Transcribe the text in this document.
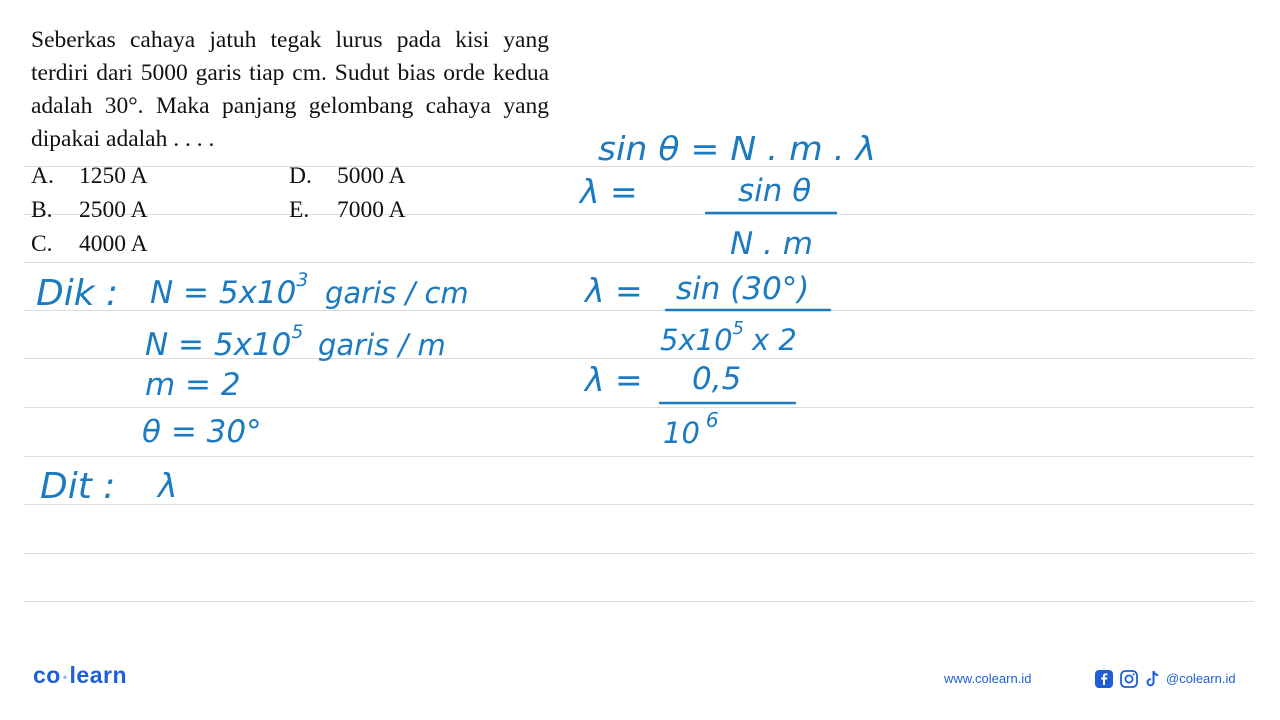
Seberkas cahaya jatuh tegak lurus pada kisi yang terdiri dari 5000 garis tiap cm. Sudut bias orde kedua adalah 30°. Maka panjang gelombang cahaya yang dipakai adalah . . . .
A. 1250 A	D. 5000 A
B. 2500 A	E. 7000 A
C. 4000 A
Dik : $N = 5x10^3$ garis / cm
$N = 5x10^5$ garis / m
m = 2
θ = 30°
Dit : λ
sin θ = N . m . λ
λ =	sin θ
N . m
λ = sin (30°)
$5x10^5$ x 2
λ = 0,5
10 $^6$
co •learn	www.colearn.id	@colearn.id
